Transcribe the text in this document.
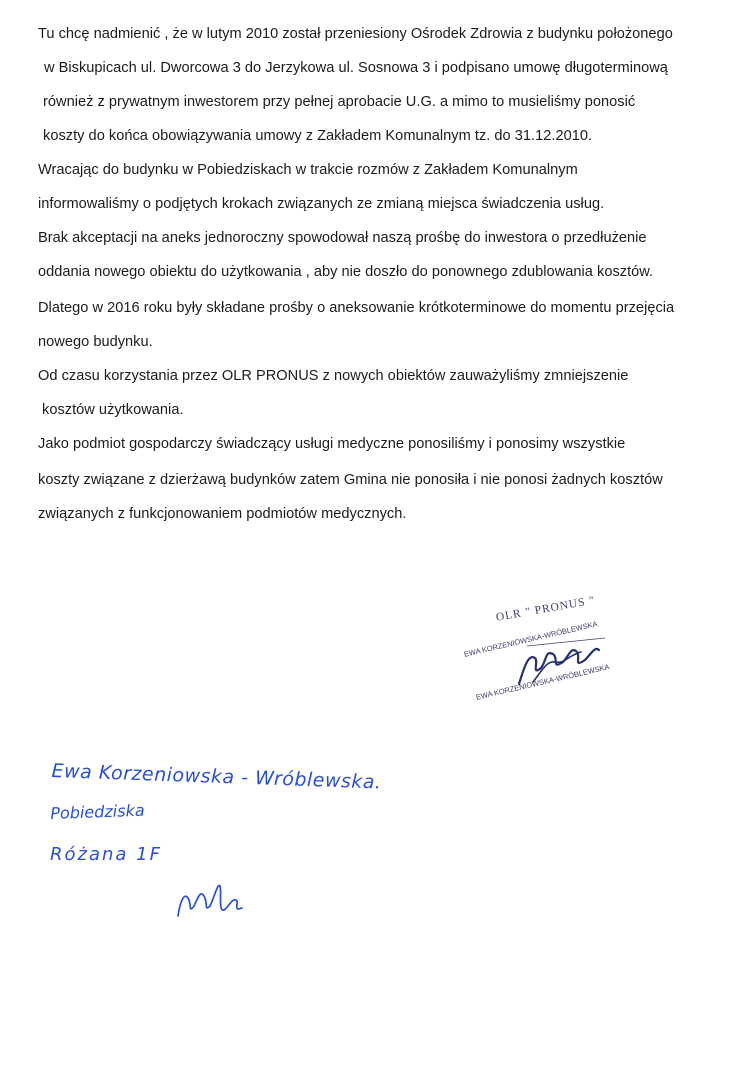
Tu chcę nadmienić , że w lutym 2010 został przeniesiony Ośrodek Zdrowia z budynku położonego

w Biskupicach ul. Dworcowa 3 do Jerzykowa ul. Sosnowa 3 i podpisano umowę długoterminową

również z prywatnym inwestorem przy pełnej aprobacie U.G. a mimo to musieliśmy ponosić

koszty do końca obowiązywania umowy z Zakładem Komunalnym tz. do 31.12.2010.

Wracając do budynku w Pobiedziskach w trakcie rozmów z Zakładem Komunalnym

informowaliśmy o podjętych krokach związanych ze zmianą miejsca świadczenia usług.

Brak akceptacji na aneks jednoroczny spowodował naszą prośbę do inwestora o przedłużenie

oddania nowego obiektu do użytkowania , aby nie doszło do ponownego zdublowania kosztów.

Dlatego w 2016 roku były składane prośby o aneksowanie krótkoterminowe do momentu przejęcia

nowego budynku.

Od czasu korzystania przez OLR PRONUS z nowych obiektów zauważyliśmy zmniejszenie

kosztów użytkowania.

Jako podmiot gospodarczy świadczący usługi medyczne ponosiliśmy i ponosimy wszystkie

koszty związane z dzierżawą budynków zatem Gmina nie ponosiła i nie ponosi żadnych kosztów

związanych z funkcjonowaniem podmiotów medycznych.

OLR " PRONUS "
EWA KORZENIOWSKA-WRÓBLEWSKA
EWA KORZENIOWSKA-WRÓBLEWSKA

Ewa Korzeniowska - Wróblewska.

Pobiedziska

Różana 1F
